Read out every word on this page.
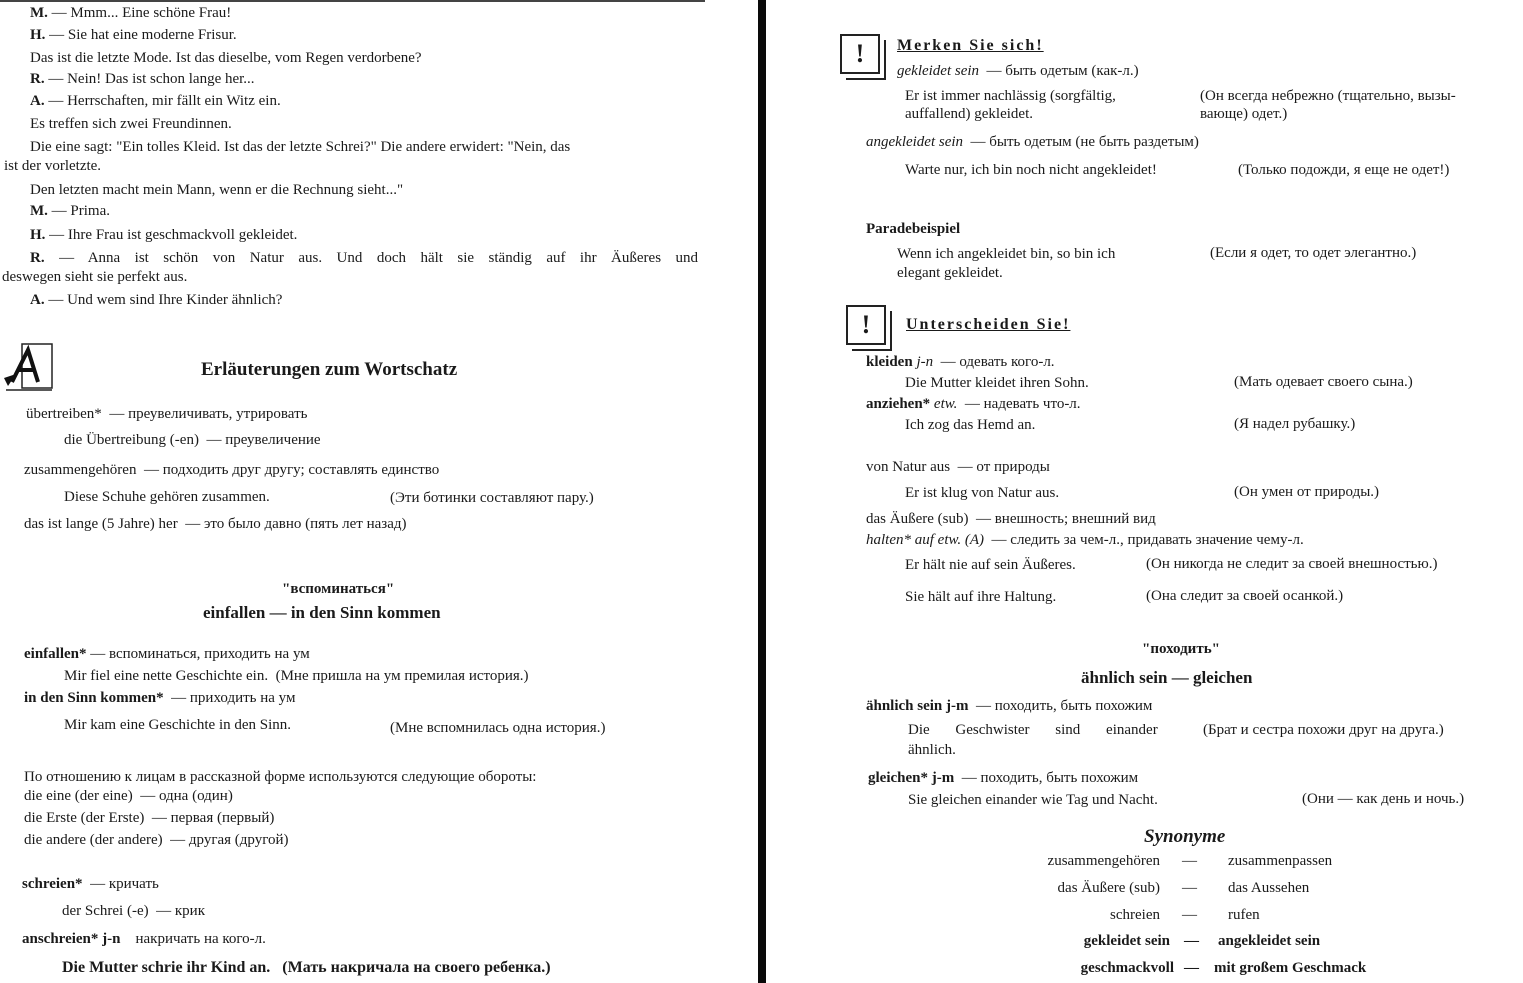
M. — Mmm... Eine schöne Frau!
H. — Sie hat eine moderne Frisur.
Das ist die letzte Mode. Ist das dieselbe, vom Regen verdorbene?
R. — Nein! Das ist schon lange her...
A. — Herrschaften, mir fällt ein Witz ein.
Es treffen sich zwei Freundinnen.
Die eine sagt: "Ein tolles Kleid. Ist das der letzte Schrei?" Die andere erwidert: "Nein, das
ist der vorletzte.
Den letzten macht mein Mann, wenn er die Rechnung sieht..."
M. — Prima.
H. — Ihre Frau ist geschmackvoll gekleidet.
R. — Anna ist schön von Natur aus. Und doch hält sie ständig auf ihr Äußeres und
deswegen sieht sie perfekt aus.
A. — Und wem sind Ihre Kinder ähnlich?
Erläuterungen zum Wortschatz
übertreiben* — преувеличивать, утрировать
die Übertreibung (-en) — преувеличение
zusammengehören — подходить друг другу; составлять единство
Diese Schuhe gehören zusammen.	(Эти ботинки составляют пару.)
das ist lange (5 Jahre) her — это было давно (пять лет назад)
"вспоминаться"
einfallen — in den Sinn kommen
einfallen* — вспоминаться, приходить на ум
Mir fiel eine nette Geschichte ein. (Мне пришла на ум премилая история.)
in den Sinn kommen* — приходить на ум
Mir kam eine Geschichte in den Sinn.	(Мне вспомнилась одна история.)
По отношению к лицам в рассказной форме используются следующие обороты:
die eine (der eine) — одна (один)
die Erste (der Erste) — первая (первый)
die andere (der andere) — другая (другой)
schreien* — кричать
der Schrei (-e) — крик
anschreien* j-n накричать на кого-л.
Die Mutter schrie ihr Kind an. (Мать накричала на своего ребенка.)
!	Merken Sie sich!
gekleidet sein — быть одетым (как-л.)
Er ist immer nachlässig (sorgfältig,
auffallend) gekleidet.
(Он всегда небрежно (тщательно, вызы-
вающе) одет.)
angekleidet sein — быть одетым (не быть раздетым)
Warte nur, ich bin noch nicht angekleidet!	(Только подожди, я еще не одет!)
Paradebeispiel
Wenn ich angekleidet bin, so bin ich
elegant gekleidet.
(Если я одет, то одет элегантно.)
!	Unterscheiden Sie!
kleiden j-n — одевать кого-л.
Die Mutter kleidet ihren Sohn.	(Мать одевает своего сына.)
anziehen* etw. — надевать что-л.
Ich zog das Hemd an.	(Я надел рубашку.)
von Natur aus — от природы
Er ist klug von Natur aus.	(Он умен от природы.)
das Äußere (sub) — внешность; внешний вид
halten* auf etw. (A) — следить за чем-л., придавать значение чему-л.
Er hält nie auf sein Äußeres.	(Он никогда не следит за своей внешностью.)
Sie hält auf ihre Haltung.	(Она следит за своей осанкой.)
"походить"
ähnlich sein — gleichen
ähnlich sein j-m — походить, быть похожим
Die Geschwister sind einander	(Брат и сестра похожи друг на друга.)
ähnlich.
gleichen* j-m — походить, быть похожим
Sie gleichen einander wie Tag und Nacht.	(Они — как день и ночь.)
Synonyme
zusammengehören — zusammenpassen
das Äußere (sub) — das Aussehen
schreien — rufen
gekleidet sein — angekleidet sein
geschmackvoll — mit großem Geschmack
